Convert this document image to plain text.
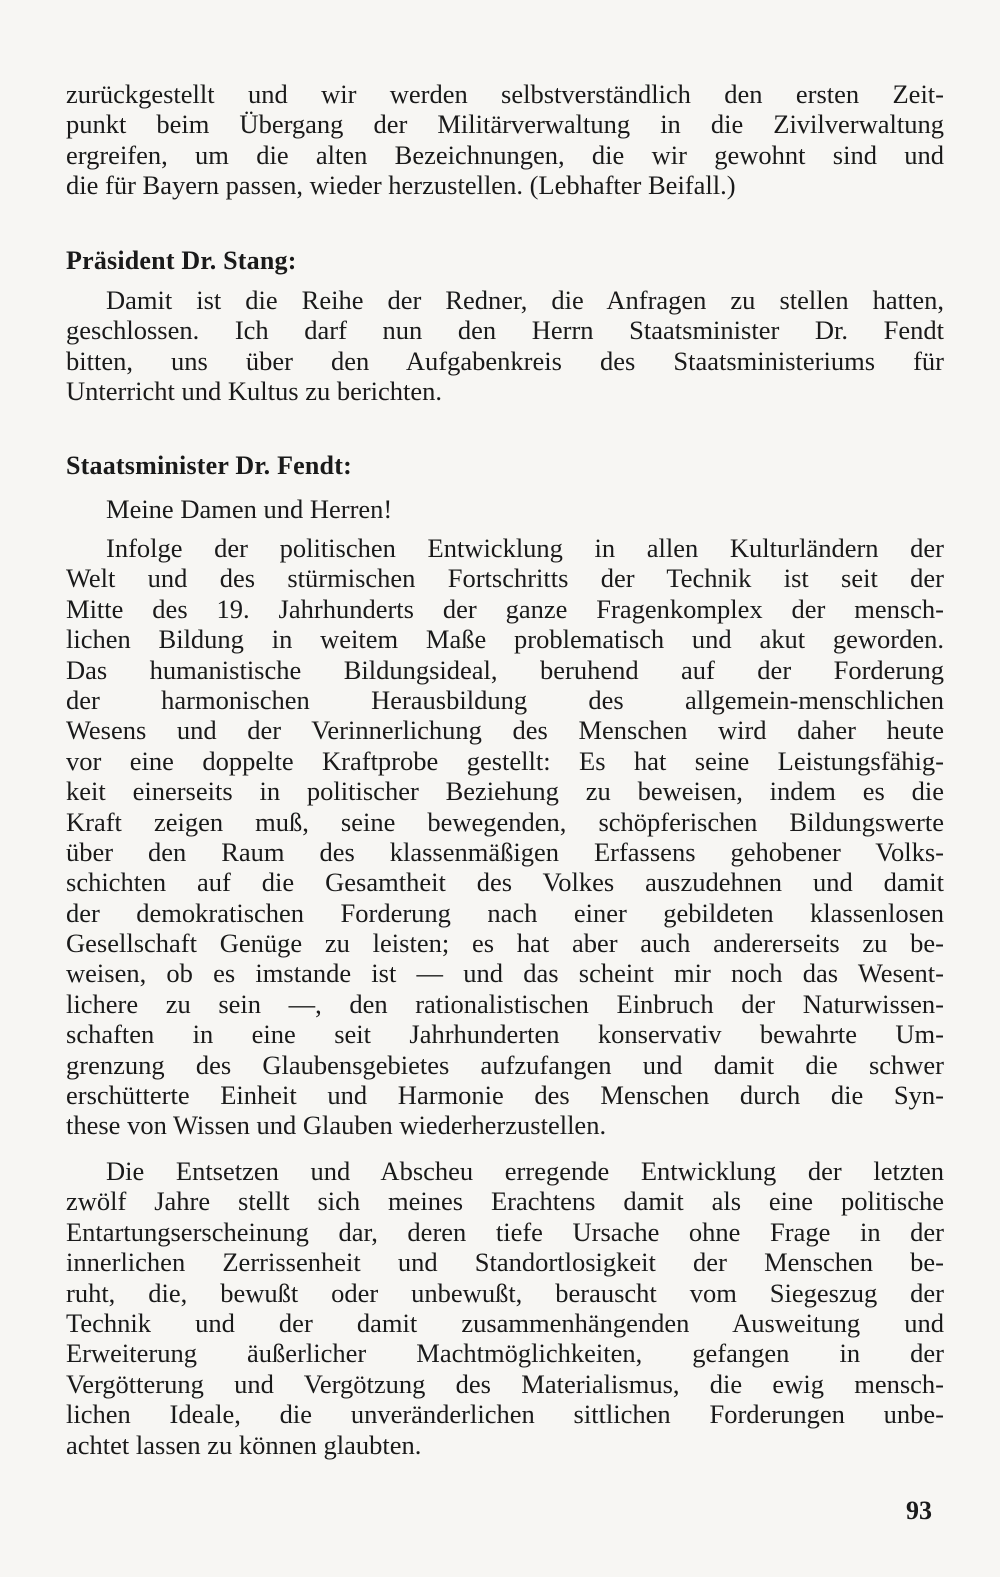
zurückgestellt und wir werden selbstverständlich den ersten Zeit-
punkt beim Übergang der Militärverwaltung in die Zivilverwaltung
ergreifen, um die alten Bezeichnungen, die wir gewohnt sind und
die für Bayern passen, wieder herzustellen. (Lebhafter Beifall.)
Präsident Dr. Stang:
Damit ist die Reihe der Redner, die Anfragen zu stellen hatten,
geschlossen. Ich darf nun den Herrn Staatsminister Dr. Fendt
bitten, uns über den Aufgabenkreis des Staatsministeriums für
Unterricht und Kultus zu berichten.
Staatsminister Dr. Fendt:
Meine Damen und Herren!
Infolge der politischen Entwicklung in allen Kulturländern der
Welt und des stürmischen Fortschritts der Technik ist seit der
Mitte des 19. Jahrhunderts der ganze Fragenkomplex der mensch-
lichen Bildung in weitem Maße problematisch und akut geworden.
Das humanistische Bildungsideal, beruhend auf der Forderung
der harmonischen Herausbildung des allgemein-menschlichen
Wesens und der Verinnerlichung des Menschen wird daher heute
vor eine doppelte Kraftprobe gestellt: Es hat seine Leistungsfähig-
keit einerseits in politischer Beziehung zu beweisen, indem es die
Kraft zeigen muß, seine bewegenden, schöpferischen Bildungswerte
über den Raum des klassenmäßigen Erfassens gehobener Volks-
schichten auf die Gesamtheit des Volkes auszudehnen und damit
der demokratischen Forderung nach einer gebildeten klassenlosen
Gesellschaft Genüge zu leisten; es hat aber auch andererseits zu be-
weisen, ob es imstande ist — und das scheint mir noch das Wesent-
lichere zu sein —, den rationalistischen Einbruch der Naturwissen-
schaften in eine seit Jahrhunderten konservativ bewahrte Um-
grenzung des Glaubensgebietes aufzufangen und damit die schwer
erschütterte Einheit und Harmonie des Menschen durch die Syn-
these von Wissen und Glauben wiederherzustellen.
Die Entsetzen und Abscheu erregende Entwicklung der letzten
zwölf Jahre stellt sich meines Erachtens damit als eine politische
Entartungserscheinung dar, deren tiefe Ursache ohne Frage in der
innerlichen Zerrissenheit und Standortlosigkeit der Menschen be-
ruht, die, bewußt oder unbewußt, berauscht vom Siegeszug der
Technik und der damit zusammenhängenden Ausweitung und
Erweiterung äußerlicher Machtmöglichkeiten, gefangen in der
Vergötterung und Vergötzung des Materialismus, die ewig mensch-
lichen Ideale, die unveränderlichen sittlichen Forderungen unbe-
achtet lassen zu können glaubten.
93
